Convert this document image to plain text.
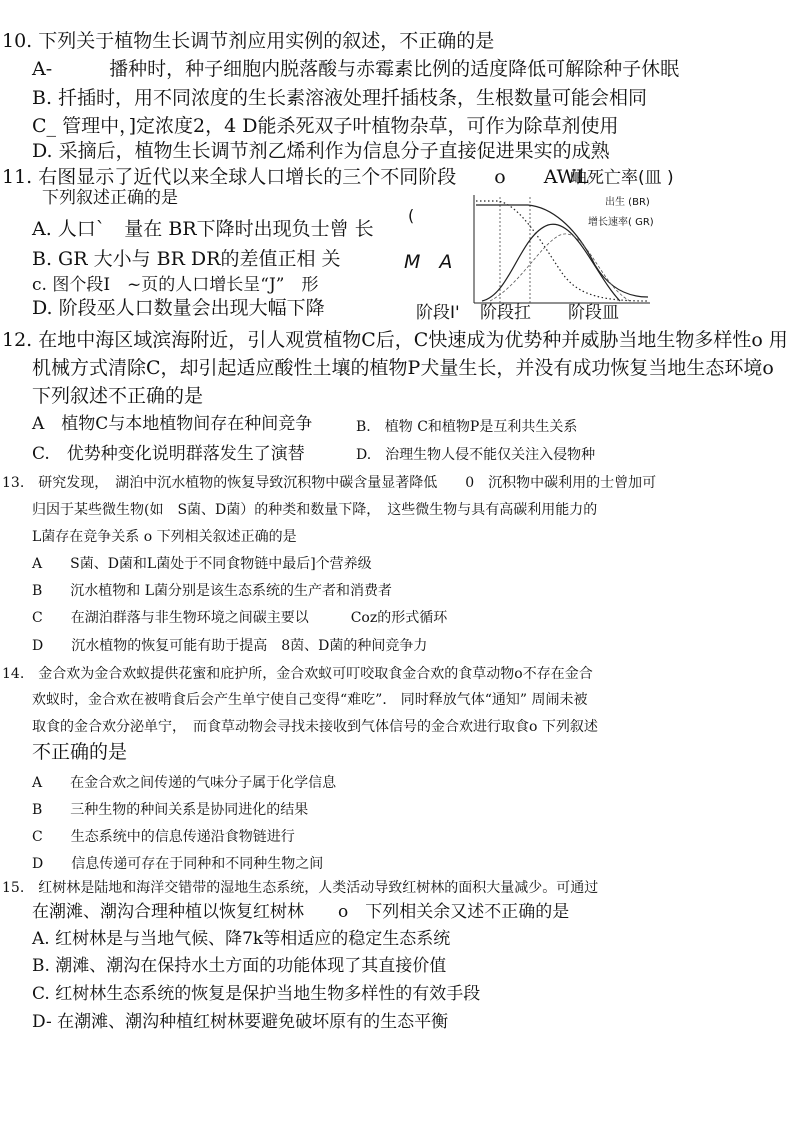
10. 下列关于植物生长调节剂应用实例的叙述，不正确的是
A-　　　播种时，种子细胞内脱落酸与赤霉素比例的适度降低可解除种子休眠
B. 扦插时，用不同浓度的生长素溶液处理扦插枝条，生根数量可能会相同
C_ 管理中，]定浓度2，4 D能杀死双子叶植物杂草，可作为除草剂使用
D. 采摘后，植物生长调节剂乙烯利作为信息分子直接促进果实的成熟
11. 右图显示了近代以来全球人口增长的三个不同阶段　　o　　AWL
下列叙述正确的是
A. 人口`　量在 BR下降时出现负士曾 长
B. GR 大小与 BR DR的差值正相 关
c. 图个段I　~页的人口增长呈“J”　形
D. 阶段巫人口数量会出现大幅下降
岫死亡率(皿 )
出生 (BR)
增长速率( GR)
(
M　A
阶段I' 阶段扛 阶段皿
12. 在地中海区域滨海附近，引人观赏植物C后，C快速成为优势种并威胁当地生物多样性o 用
机械方式清除C，却引起适应酸性土壤的植物P犬量生长，并没有成功恢复当地生态环境o
下列叙述不正确的是
A　植物C与本地植物间存在种间竞争	B.　植物 C和植物P是互利共生关系
C.　优势种变化说明群落发生了演替	D.　治理生物人侵不能仅关注入侵物种
13.　研究发现，　湖泊中沉水植物的恢复导致沉积物中碳含量显著降低　　0　沉积物中碳利用的士曾加可
归因于某些微生物(如　S菌、D菌）的种类和数量下降，　这些微生物与具有高碳利用能力的
L菌存在竞争关系 o 下列相关叙述正确的是
A　　S菌、D菌和L菌处于不同食物链中最后]个营养级
B　　沉水植物和 L菌分别是该生态系统的生产者和消费者
C　　在湖泊群落与非生物环境之间碳主要以　　　Coz的形式循环
D　　沉水植物的恢复可能有助于提高　8茵、D菌的种间竞争力
14.　金合欢为金合欢蚁提供花蜜和庇护所，金合欢蚁可叮咬取食金合欢的食草动物o不存在金合
欢蚁时，金合欢在被啃食后会产生单宁使自己变得“难吃”． 同时释放气体“通知” 周闹未被
取食的金合欢分泌单宁，　而食草动物会寻找未接收到气体信号的金合欢进行取食o 下列叙述
不正确的是
A　　在金合欢之间传递的气味分子属于化学信息
B　　三种生物的种间关系是协同进化的结果
C　　生态系统中的信息传递沿食物链进行
D　　信息传递可存在于同种和不同种生物之间
15.　红树林是陆地和海洋交错带的湿地生态系统，人类活动导致红树林的面积大量减少。可通过
在潮滩、潮沟合理种植以恢复红树林　　o　下列相关余又述不正确的是
A. 红树林是与当地气候、降7k等相适应的稳定生态系统
B. 潮滩、潮沟在保持水土方面的功能体现了其直接价值
C. 红树林生态系统的恢复是保护当地生物多样性的有效手段
D- 在潮滩、潮沟种植红树林要避免破坏原有的生态平衡
